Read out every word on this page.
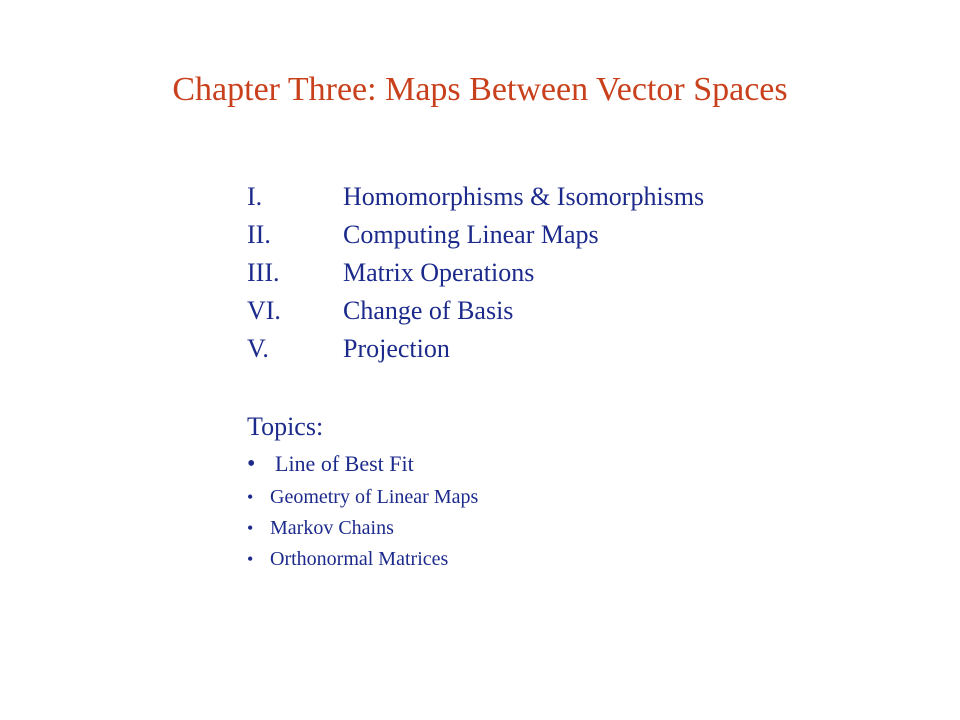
Chapter Three: Maps Between Vector Spaces
I.	Homomorphisms & Isomorphisms
II.	Computing Linear Maps
III.	Matrix Operations
VI.	Change of Basis
V.	Projection
Topics:
• Line of Best Fit
• Geometry of Linear Maps
• Markov Chains
• Orthonormal Matrices
